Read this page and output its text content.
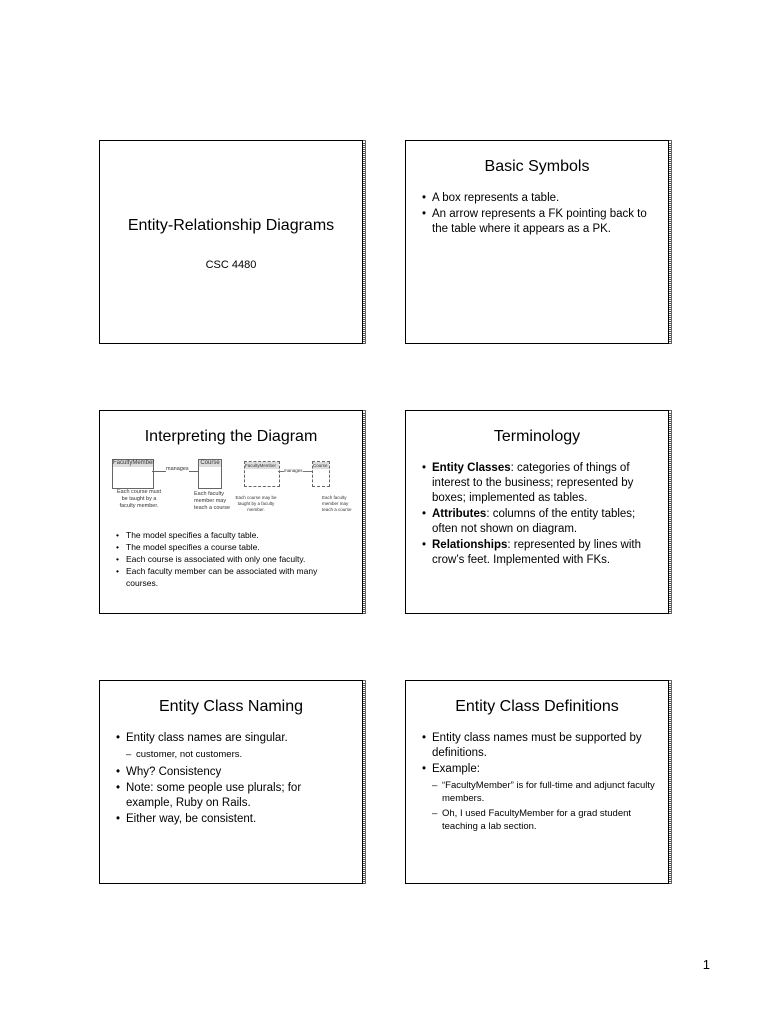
Entity-Relationship Diagrams
CSC 4480
Basic Symbols
• A box represents a table.
• An arrow represents a FK pointing back to the table where it appears as a PK.
Interpreting the Diagram
FacultyMember	Course
manages
Each course must be taught by a faculty member.
Each faculty member may teach a course
FacultyMember	Course
manages
Each course may be taught by a faculty member.
Each faculty member may teach a course
• The model specifies a faculty table.
• The model specifies a course table.
• Each course is associated with only one faculty.
• Each faculty member can be associated with many courses.
Terminology
• Entity Classes: categories of things of interest to the business; represented by boxes; implemented as tables.
• Attributes: columns of the entity tables; often not shown on diagram.
• Relationships: represented by lines with crow’s feet. Implemented with FKs.
Entity Class Naming
• Entity class names are singular.
– customer, not customers.
• Why? Consistency
• Note: some people use plurals; for example, Ruby on Rails.
• Either way, be consistent.
Entity Class Definitions
• Entity class names must be supported by definitions.
• Example:
– “FacultyMember” is for full-time and adjunct faculty members.
– Oh, I used FacultyMember for a grad student teaching a lab section.
1
